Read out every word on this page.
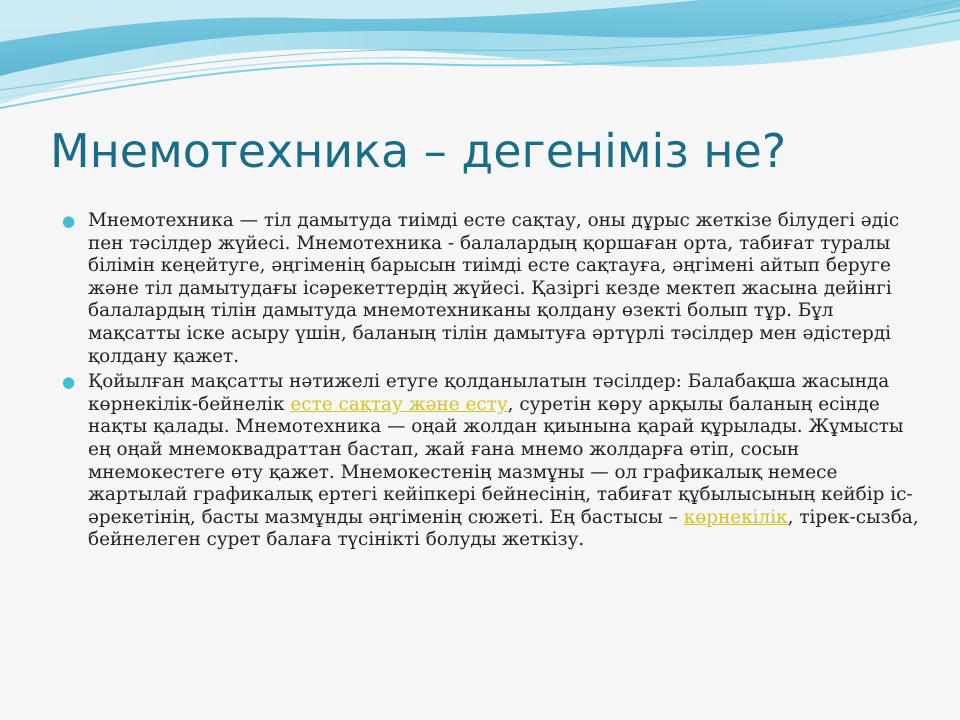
Мнемотехника – дегеніміз не?
● Мнемотехника — тіл дамытуда тиімді есте сақтау, оны дұрыс жеткізе білудегі әдіс пен тәсілдер жүйесі. Мнемотехника - балалардың қоршаған орта, табиғат туралы білімін кеңейтуге, әңгіменің барысын тиімді есте сақтауға, әңгімені айтып беруге және тіл дамытудағы ісәрекеттердің жүйесі. Қазіргі кезде мектеп жасына дейінгі балалардың тілін дамытуда мнемотехниканы қолдану өзекті болып тұр. Бұл мақсатты іске асыру үшін, баланың тілін дамытуға әртүрлі тәсілдер мен әдістерді қолдану қажет.
● Қойылған мақсатты нәтижелі етуге қолданылатын тәсілдер: Балабақша жасында көрнекілік-бейнелік есте сақтау және есту, суретін көру арқылы баланың есінде нақты қалады. Мнемотехника — оңай жолдан қиынына қарай құрылады. Жұмысты ең оңай мнемоквадраттан бастап, жай ғана мнемо жолдарға өтіп, сосын мнемокестеге өту қажет. Мнемокестенің мазмұны — ол графикалық немесе жартылай графикалық ертегі кейіпкері бейнесінің, табиғат құбылысының кейбір іс-әрекетінің, басты мазмұнды әңгіменің сюжеті. Ең бастысы – көрнекілік, тірек-сызба, бейнелеген сурет балаға түсінікті болуды жеткізу.
